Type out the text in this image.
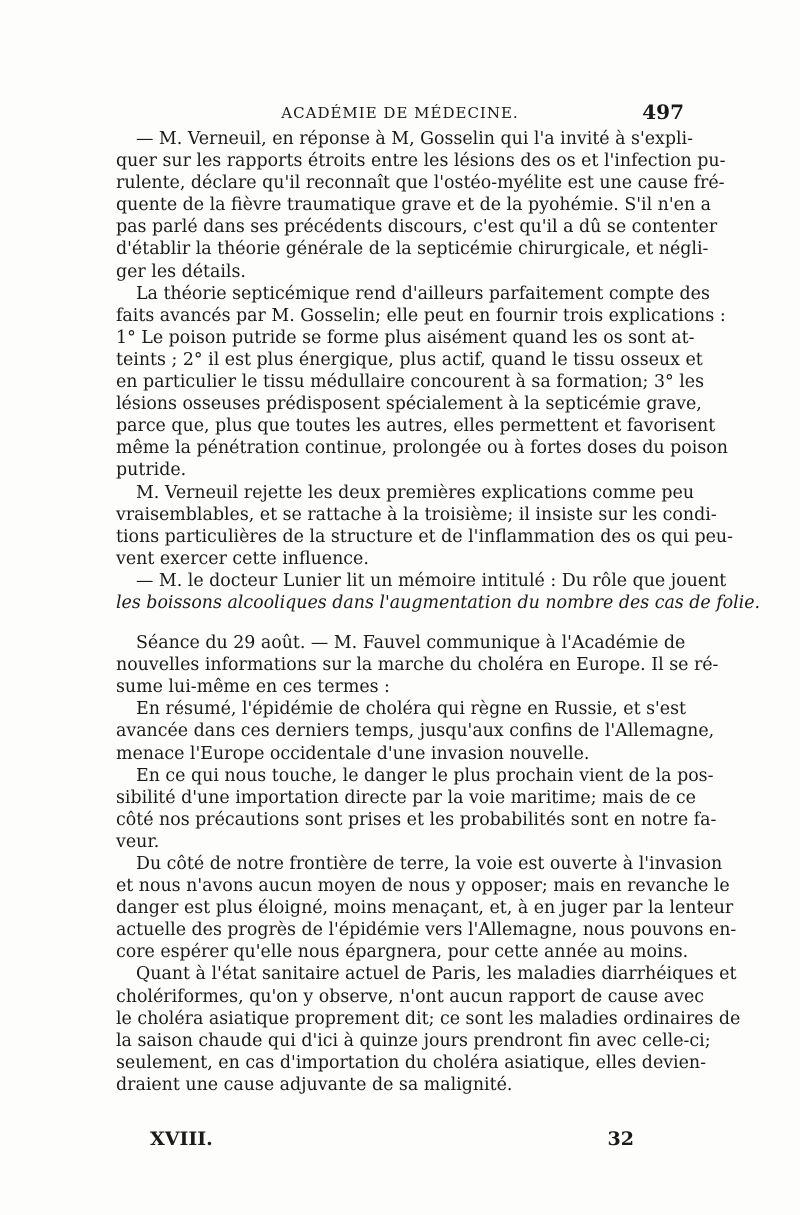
ACADÉMIE DE MÉDECINE.	497
— M. Verneuil, en réponse à M, Gosselin qui l'a invité à s'expli-
quer sur les rapports étroits entre les lésions des os et l'infection pu-
rulente, déclare qu'il reconnaît que l'ostéo-myélite est une cause fré-
quente de la fièvre traumatique grave et de la pyohémie. S'il n'en a
pas parlé dans ses précédents discours, c'est qu'il a dû se contenter
d'établir la théorie générale de la septicémie chirurgicale, et négli-
ger les détails.
La théorie septicémique rend d'ailleurs parfaitement compte des
faits avancés par M. Gosselin; elle peut en fournir trois explications :
1° Le poison putride se forme plus aisément quand les os sont at-
teints ; 2° il est plus énergique, plus actif, quand le tissu osseux et
en particulier le tissu médullaire concourent à sa formation; 3° les
lésions osseuses prédisposent spécialement à la septicémie grave,
parce que, plus que toutes les autres, elles permettent et favorisent
même la pénétration continue, prolongée ou à fortes doses du poison
putride.
M. Verneuil rejette les deux premières explications comme peu
vraisemblables, et se rattache à la troisième; il insiste sur les condi-
tions particulières de la structure et de l'inflammation des os qui peu-
vent exercer cette influence.
— M. le docteur Lunier lit un mémoire intitulé : Du rôle que jouent
les boissons alcooliques dans l'augmentation du nombre des cas de folie.
Séance du 29 août. — M. Fauvel communique à l'Académie de
nouvelles informations sur la marche du choléra en Europe. Il se ré-
sume lui-même en ces termes :
En résumé, l'épidémie de choléra qui règne en Russie, et s'est
avancée dans ces derniers temps, jusqu'aux confins de l'Allemagne,
menace l'Europe occidentale d'une invasion nouvelle.
En ce qui nous touche, le danger le plus prochain vient de la pos-
sibilité d'une importation directe par la voie maritime; mais de ce
côté nos précautions sont prises et les probabilités sont en notre fa-
veur.
Du côté de notre frontière de terre, la voie est ouverte à l'invasion
et nous n'avons aucun moyen de nous y opposer; mais en revanche le
danger est plus éloigné, moins menaçant, et, à en juger par la lenteur
actuelle des progrès de l'épidémie vers l'Allemagne, nous pouvons en-
core espérer qu'elle nous épargnera, pour cette année au moins.
Quant à l'état sanitaire actuel de Paris, les maladies diarrhéiques et
cholériformes, qu'on y observe, n'ont aucun rapport de cause avec
le choléra asiatique proprement dit; ce sont les maladies ordinaires de
la saison chaude qui d'ici à quinze jours prendront fin avec celle-ci;
seulement, en cas d'importation du choléra asiatique, elles devien-
draient une cause adjuvante de sa malignité.
XVIII.	32
